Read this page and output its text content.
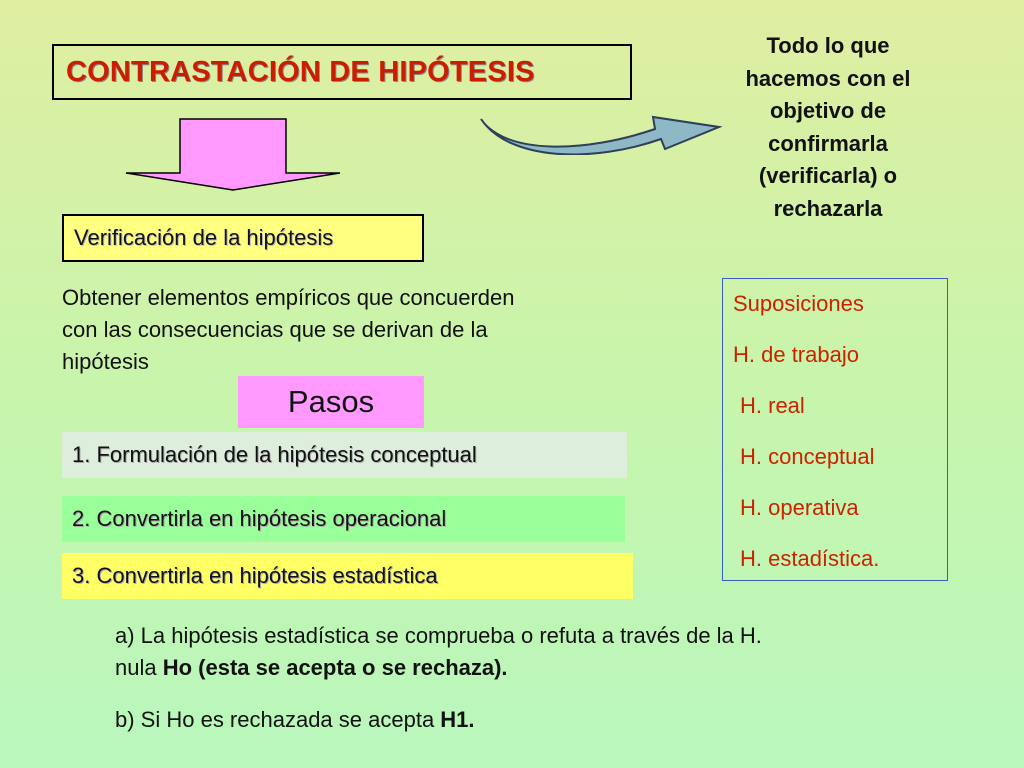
CONTRASTACIÓN DE HIPÓTESIS
Todo lo que
hacemos con el
objetivo de
confirmarla
(verificarla) o
rechazarla
Verificación de la hipótesis
Obtener elementos empíricos que concuerden
con las consecuencias que se derivan de la
hipótesis
Pasos
1. Formulación de la hipótesis conceptual
2. Convertirla en hipótesis operacional
3. Convertirla en hipótesis estadística
Suposiciones
H. de trabajo
H. real
H. conceptual
H. operativa
H. estadística.
a) La hipótesis estadística se comprueba o refuta a través de la H.
nula Ho (esta se acepta o se rechaza).
b) Si Ho es rechazada se acepta H1.
